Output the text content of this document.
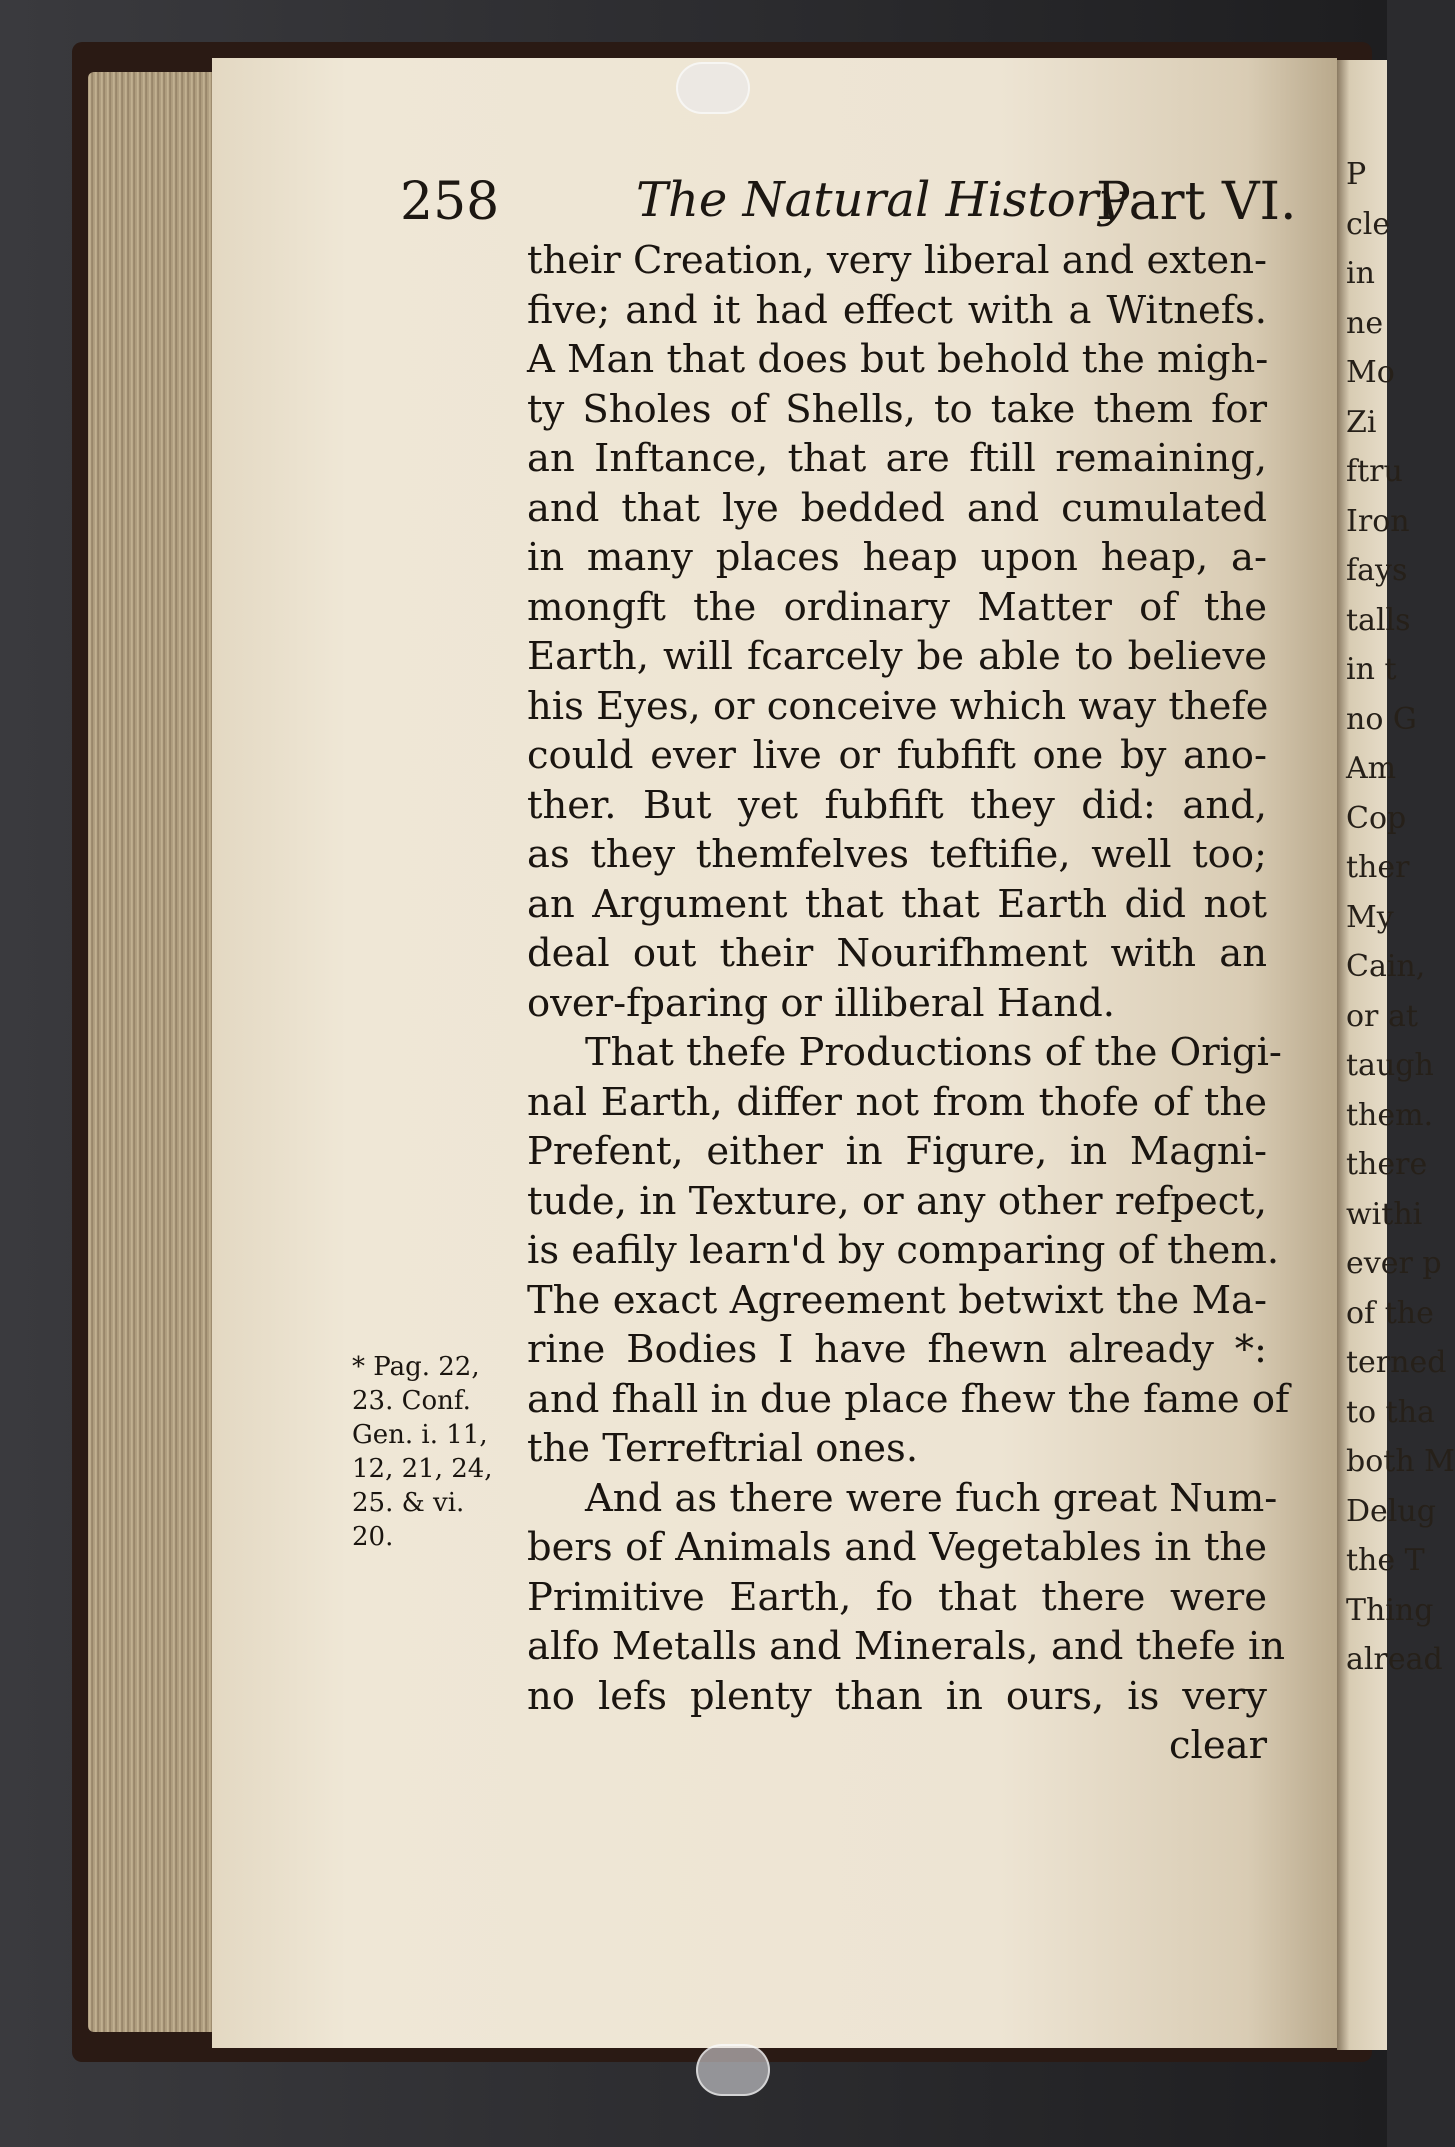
P
cle
in
ne
Mo
Zi
ftru
Iron
fays
talls
in t
no G
Am
Cop
ther
My
Cain,
or at
taugh
them.
there
withi
ever p
of the
terned
to tha
both M
Delug
the T
Thing
alread
258	The Natural History
Part VI.
their Creation, very liberal and exten-
five; and it had effect with a Witnefs.
A Man that does but behold the migh-
ty Sholes of Shells, to take them for
an Inftance, that are ftill remaining,
and that lye bedded and cumulated
in many places heap upon heap, a-
mongft the ordinary Matter of the
Earth, will fcarcely be able to believe
his Eyes, or conceive which way thefe
could ever live or fubfift one by ano-
ther. But yet fubfift they did: and,
as they themfelves teftifie, well too;
an Argument that that Earth did not
deal out their Nourifhment with an
over-fparing or illiberal Hand.
That thefe Productions of the Origi-
nal Earth, differ not from thofe of the
Prefent, either in Figure, in Magni-
tude, in Texture, or any other refpect,
is eafily learn'd by comparing of them.
The exact Agreement betwixt the Ma-
rine Bodies I have fhewn already *:
and fhall in due place fhew the fame of
the Terreftrial ones.
And as there were fuch great Num-
bers of Animals and Vegetables in the
Primitive Earth, fo that there were
alfo Metalls and Minerals, and thefe in
no lefs plenty than in ours, is very
clear
* Pag. 22,
23. Conf.
Gen. i. 11,
12, 21, 24,
25. & vi.
20.
